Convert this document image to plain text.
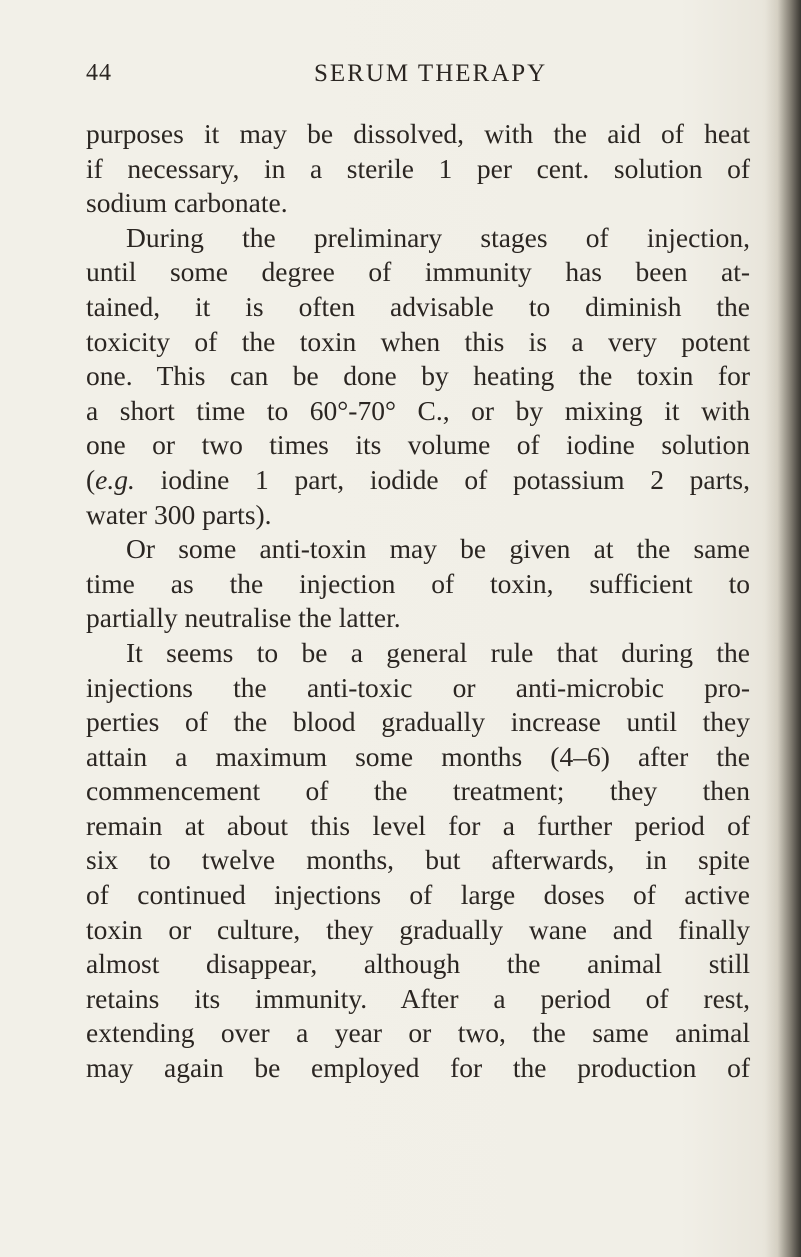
44	SERUM THERAPY
purposes it may be dissolved, with the aid of heat
if necessary, in a sterile 1 per cent. solution of
sodium carbonate.
During the preliminary stages of injection,
until some degree of immunity has been at-
tained, it is often advisable to diminish the
toxicity of the toxin when this is a very potent
one. This can be done by heating the toxin for
a short time to 60°-70° C., or by mixing it with
one or two times its volume of iodine solution
(e.g. iodine 1 part, iodide of potassium 2 parts,
water 300 parts).
Or some anti-toxin may be given at the same
time as the injection of toxin, sufficient to
partially neutralise the latter.
It seems to be a general rule that during the
injections the anti-toxic or anti-microbic pro-
perties of the blood gradually increase until they
attain a maximum some months (4–6) after the
commencement of the treatment; they then
remain at about this level for a further period of
six to twelve months, but afterwards, in spite
of continued injections of large doses of active
toxin or culture, they gradually wane and finally
almost disappear, although the animal still
retains its immunity. After a period of rest,
extending over a year or two, the same animal
may again be employed for the production of
